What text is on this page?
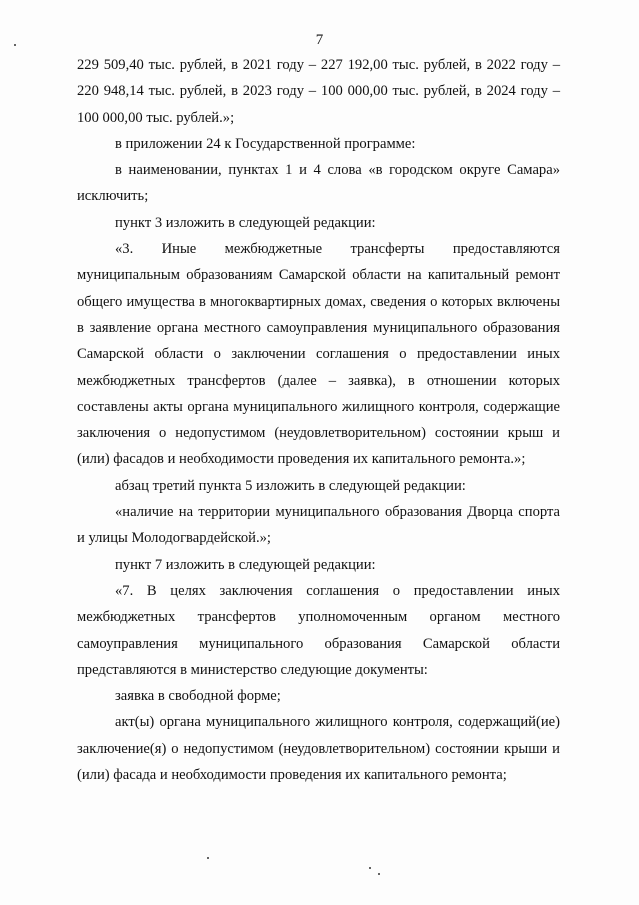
7

229 509,40 тыс. рублей, в 2021 году – 227 192,00 тыс. рублей, в 2022 году – 220 948,14 тыс. рублей, в 2023 году – 100 000,00 тыс. рублей, в 2024 году – 100 000,00 тыс. рублей.»;

в приложении 24 к Государственной программе:

в наименовании, пунктах 1 и 4 слова «в городском округе Самара» исключить;

пункт 3 изложить в следующей редакции:

«3. Иные межбюджетные трансферты предоставляются муниципальным образованиям Самарской области на капитальный ремонт общего имущества в многоквартирных домах, сведения о которых включены в заявление органа местного самоуправления муниципального образования Самарской области о заключении соглашения о предоставлении иных межбюджетных трансфертов (далее – заявка), в отношении которых составлены акты органа муниципального жилищного контроля, содержащие заключения о недопустимом (неудовлетворительном) состоянии крыш и (или) фасадов и необходимости проведения их капитального ремонта.»;

абзац третий пункта 5 изложить в следующей редакции:

«наличие на территории муниципального образования Дворца спорта и улицы Молодогвардейской.»;

пункт 7 изложить в следующей редакции:

«7. В целях заключения соглашения о предоставлении иных межбюджетных трансфертов уполномоченным органом местного самоуправления муниципального образования Самарской области представляются в министерство следующие документы:

заявка в свободной форме;

акт(ы) органа муниципального жилищного контроля, содержащий(ие) заключение(я) о недопустимом (неудовлетворительном) состоянии крыши и (или) фасада и необходимости проведения их капитального ремонта;
